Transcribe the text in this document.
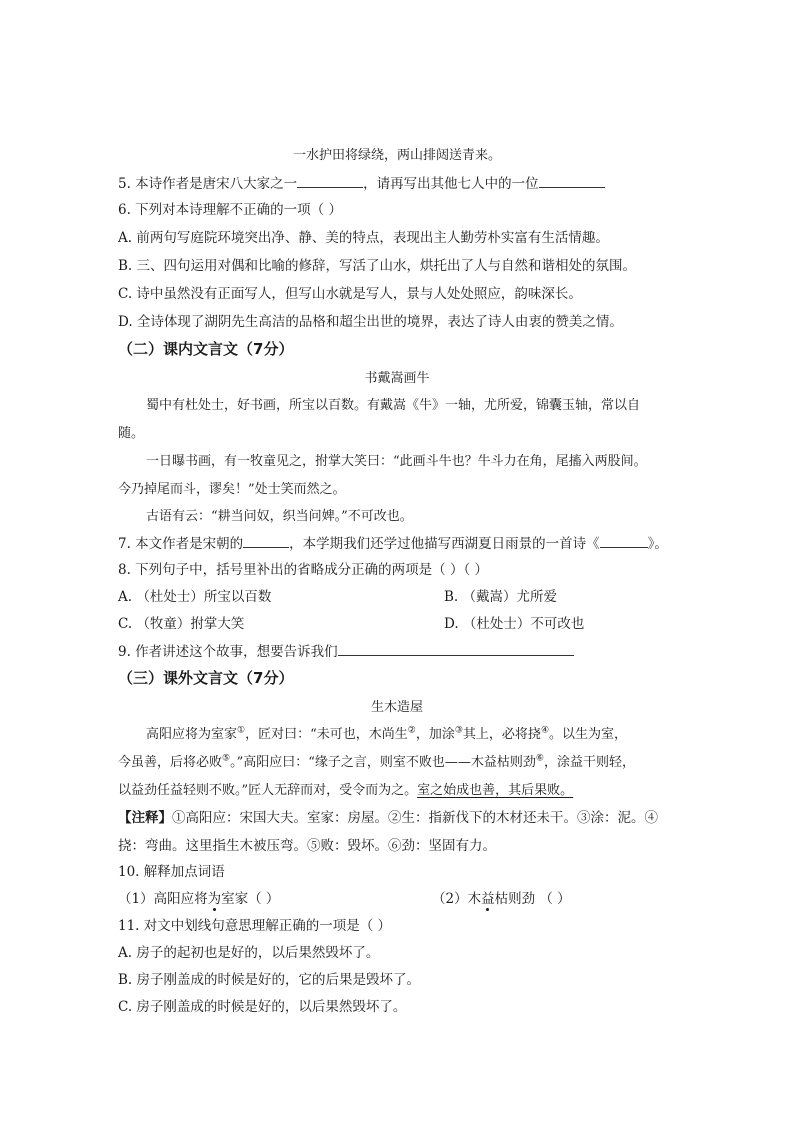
一水护田将绿绕，两山排闼送青来。
5. 本诗作者是唐宋八大家之一	，请再写出其他七人中的一位
6. 下列对本诗理解不正确的一项（ ）
A. 前两句写庭院环境突出净、静、美的特点，表现出主人勤劳朴实富有生活情趣。
B. 三、四句运用对偶和比喻的修辞，写活了山水，烘托出了人与自然和谐相处的氛围。
C. 诗中虽然没有正面写人，但写山水就是写人，景与人处处照应，韵味深长。
D. 全诗体现了湖阴先生高洁的品格和超尘出世的境界，表达了诗人由衷的赞美之情。
（二）课内文言文（7分）
书戴嵩画牛
蜀中有杜处士，好书画，所宝以百数。有戴嵩《牛》一轴，尤所爱，锦囊玉轴，常以自
随。
一日曝书画，有一牧童见之，拊掌大笑曰：“此画斗牛也？牛斗力在角，尾搐入两股间。
今乃掉尾而斗，谬矣！”处士笑而然之。
古语有云：“耕当问奴，织当问婢。”不可改也。
7. 本文作者是宋朝的	，本学期我们还学过他描写西湖夏日雨景的一首诗《	》。
8. 下列句子中，括号里补出的省略成分正确的两项是（ ）（ ）
A. （杜处士）所宝以百数	B. （戴嵩）尤所爱
C. （牧童）拊掌大笑	D. （杜处士）不可改也
9. 作者讲述这个故事，想要告诉我们
（三）课外文言文（7分）
生木造屋
高阳应将为室家①，匠对曰：“未可也，木尚生②，加涂③其上，必将挠④。以生为室，
今虽善，后将必败⑤。”高阳应曰：“缘子之言，则室不败也——木益枯则劲⑥，涂益干则轻，
以益劲任益轻则不败。”匠人无辞而对，受令而为之。室之始成也善，其后果败。
【注释】①高阳应：宋国大夫。室家：房屋。②生：指新伐下的木材还未干。③涂：泥。④
挠：弯曲。这里指生木被压弯。⑤败：毁坏。⑥劲：坚固有力。
10. 解释加点词语
（1）高阳应将为室家（ ）	（2）木益枯则劲 （ ）
11. 对文中划线句意思理解正确的一项是（ ）
A. 房子的起初也是好的，以后果然毁坏了。
B. 房子刚盖成的时候是好的，它的后果是毁坏了。
C. 房子刚盖成的时候是好的，以后果然毁坏了。
